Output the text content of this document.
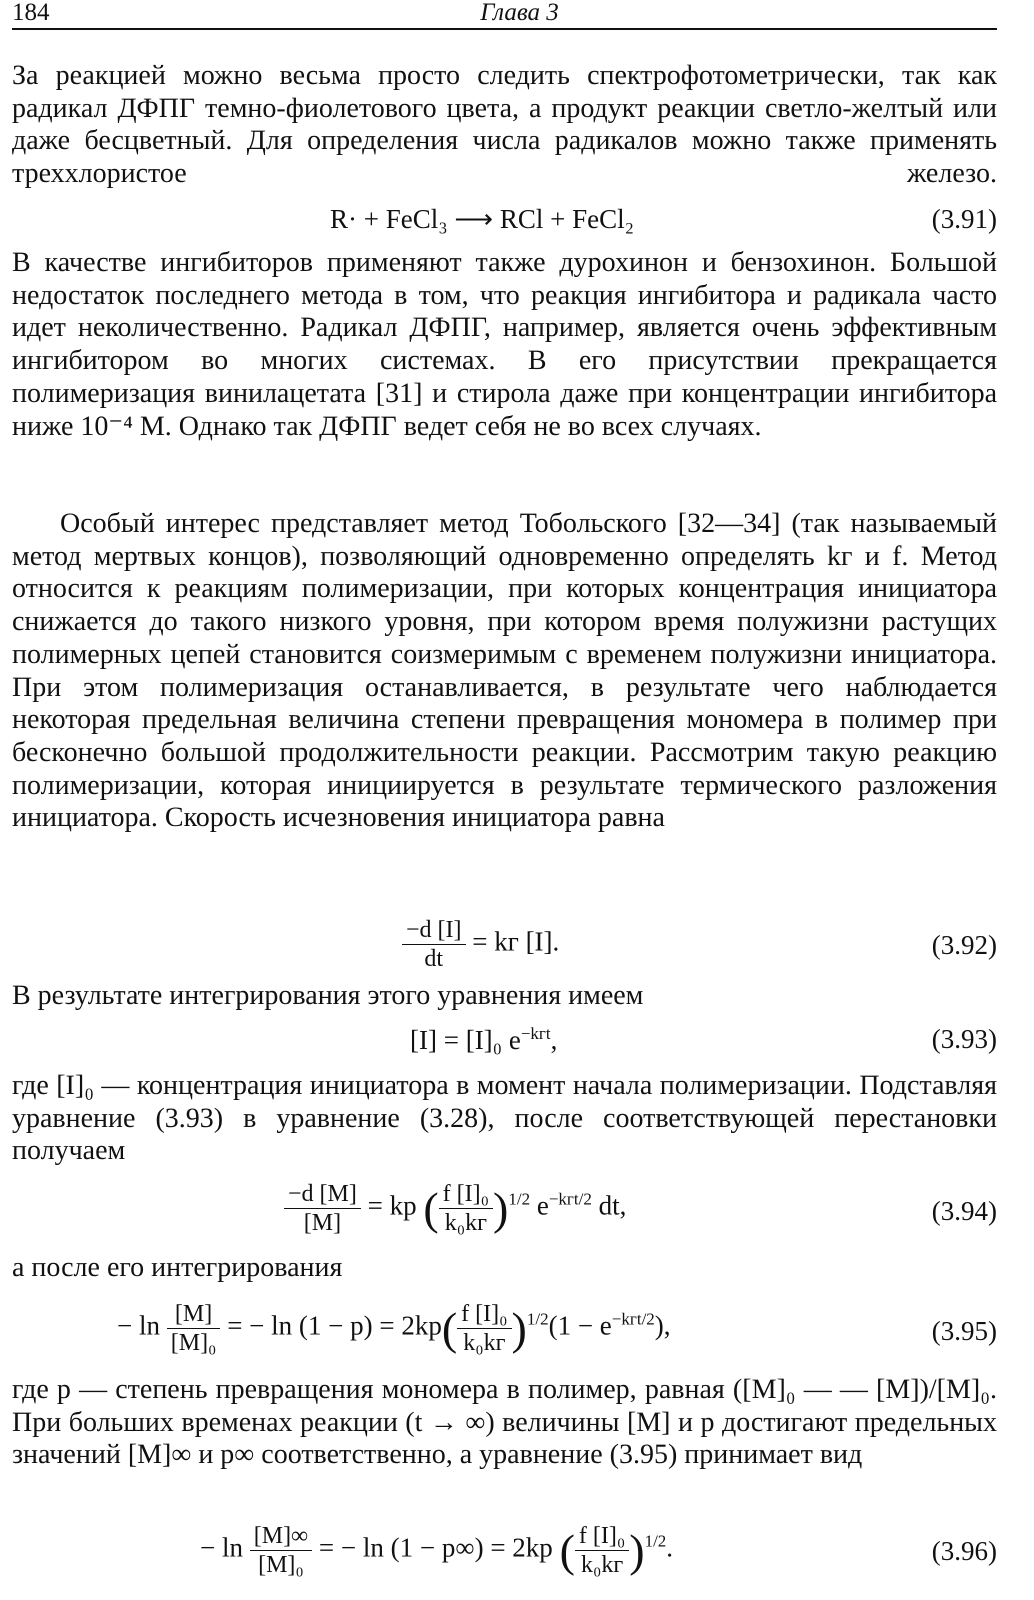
184	Глава 3

За реакцией можно весьма просто следить спектрофотометрически, так как радикал ДФПГ темно-фиолетового цвета, а продукт реакции светло-желтый или даже бесцветный. Для определения числа радикалов можно также применять треххлористое железо.

R· + FeCl₃ ⟶ RCl + FeCl₂	(3.91)

В качестве ингибиторов применяют также дурохинон и бензохинон. Большой недостаток последнего метода в том, что реакция ингибитора и радикала часто идет неколичественно. Радикал ДФПГ, например, является очень эффективным ингибитором во многих системах. В его присутствии прекращается полимеризация винилацетата [31] и стирола даже при концентрации ингибитора ниже 10⁻⁴ M. Однако так ДФПГ ведет себя не во всех случаях.

Особый интерес представляет метод Тобольского [32—34] (так называемый метод мертвых концов), позволяющий одновременно определять kг и f. Метод относится к реакциям полимеризации, при которых концентрация инициатора снижается до такого низкого уровня, при котором время полужизни растущих полимерных цепей становится соизмеримым с временем полужизни инициатора. При этом полимеризация останавливается, в результате чего наблюдается некоторая предельная величина степени превращения мономера в полимер при бесконечно большой продолжительности реакции. Рассмотрим такую реакцию полимеризации, которая инициируется в результате термического разложения инициатора. Скорость исчезновения инициатора равна

$\frac{-d [I]}{dt}$ = kг [I].	(3.92)

В результате интегрирования этого уравнения имеем

[I] = [I]₀ $e^{-kгt}$,	(3.93)

где [I]₀ — концентрация инициатора в момент начала полимеризации. Подставляя уравнение (3.93) в уравнение (3.28), после соответствующей перестановки получаем

$\frac{-d [M]}{[M]}$ = kp ( $\frac{\text{f [I]₀}}{\text{k₀kг}} )^{1/2}$ $e^{-kгt/2}$ dt,	(3.94)

а после его интегрирования

− $\ln \frac{[M]}{\text{[M]₀}}$ = − $\ln (1 - p) = 2kp( \frac{\text{f [I]₀}}{\text{k₀kг}} )^{1/2}(1 - e^{-kгt/2})$,	(3.95)

где p — степень превращения мономера в полимер, равная ([M]₀ — — [M])/[M]₀. При больших временах реакции (t → ∞) величины [M] и p достигают предельных значений [M]∞ и p∞ соответственно, а уравнение (3.95) принимает вид

− $\ln \frac{[M]\infty}{\text{[M]₀}}$ = − ln (1 − p∞) = 2kp ( $\frac{\text{f [I]₀}}{\text{k₀kг}} )^{1/2}$.	(3.96)
